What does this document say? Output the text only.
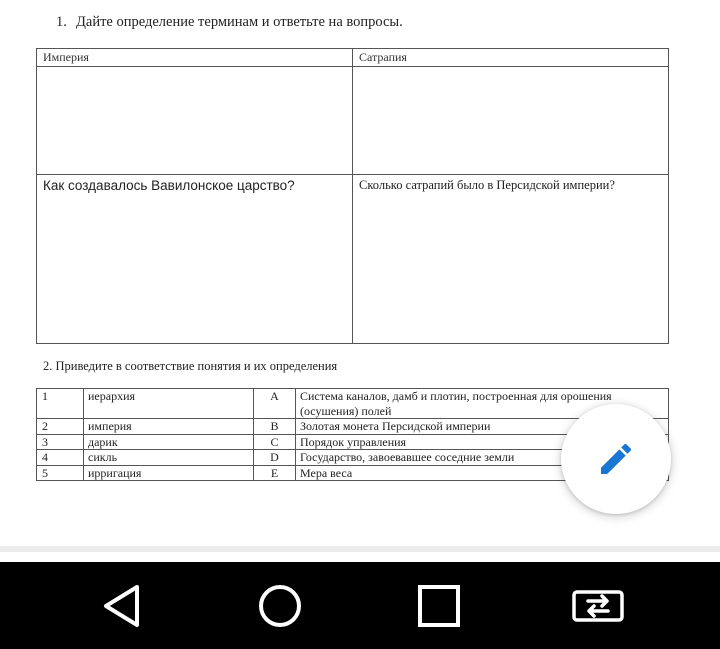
1. Дайте определение терминам и ответьте на вопросы.
Империя	Сатрапия

Как создавалось Вавилонское царство?	Сколько сатрапий было в Персидской империи?
2. Приведите в соответствие понятия и их определения
1	иерархия	A	Система каналов, дамб и плотин, построенная для орошения (осушения) полей
2	империя	B	Золотая монета Персидской империи
3	дарик	C	Порядок управления
4	сикль	D	Государство, завоевавшее соседние земли
5	ирригация	E	Мера веса
